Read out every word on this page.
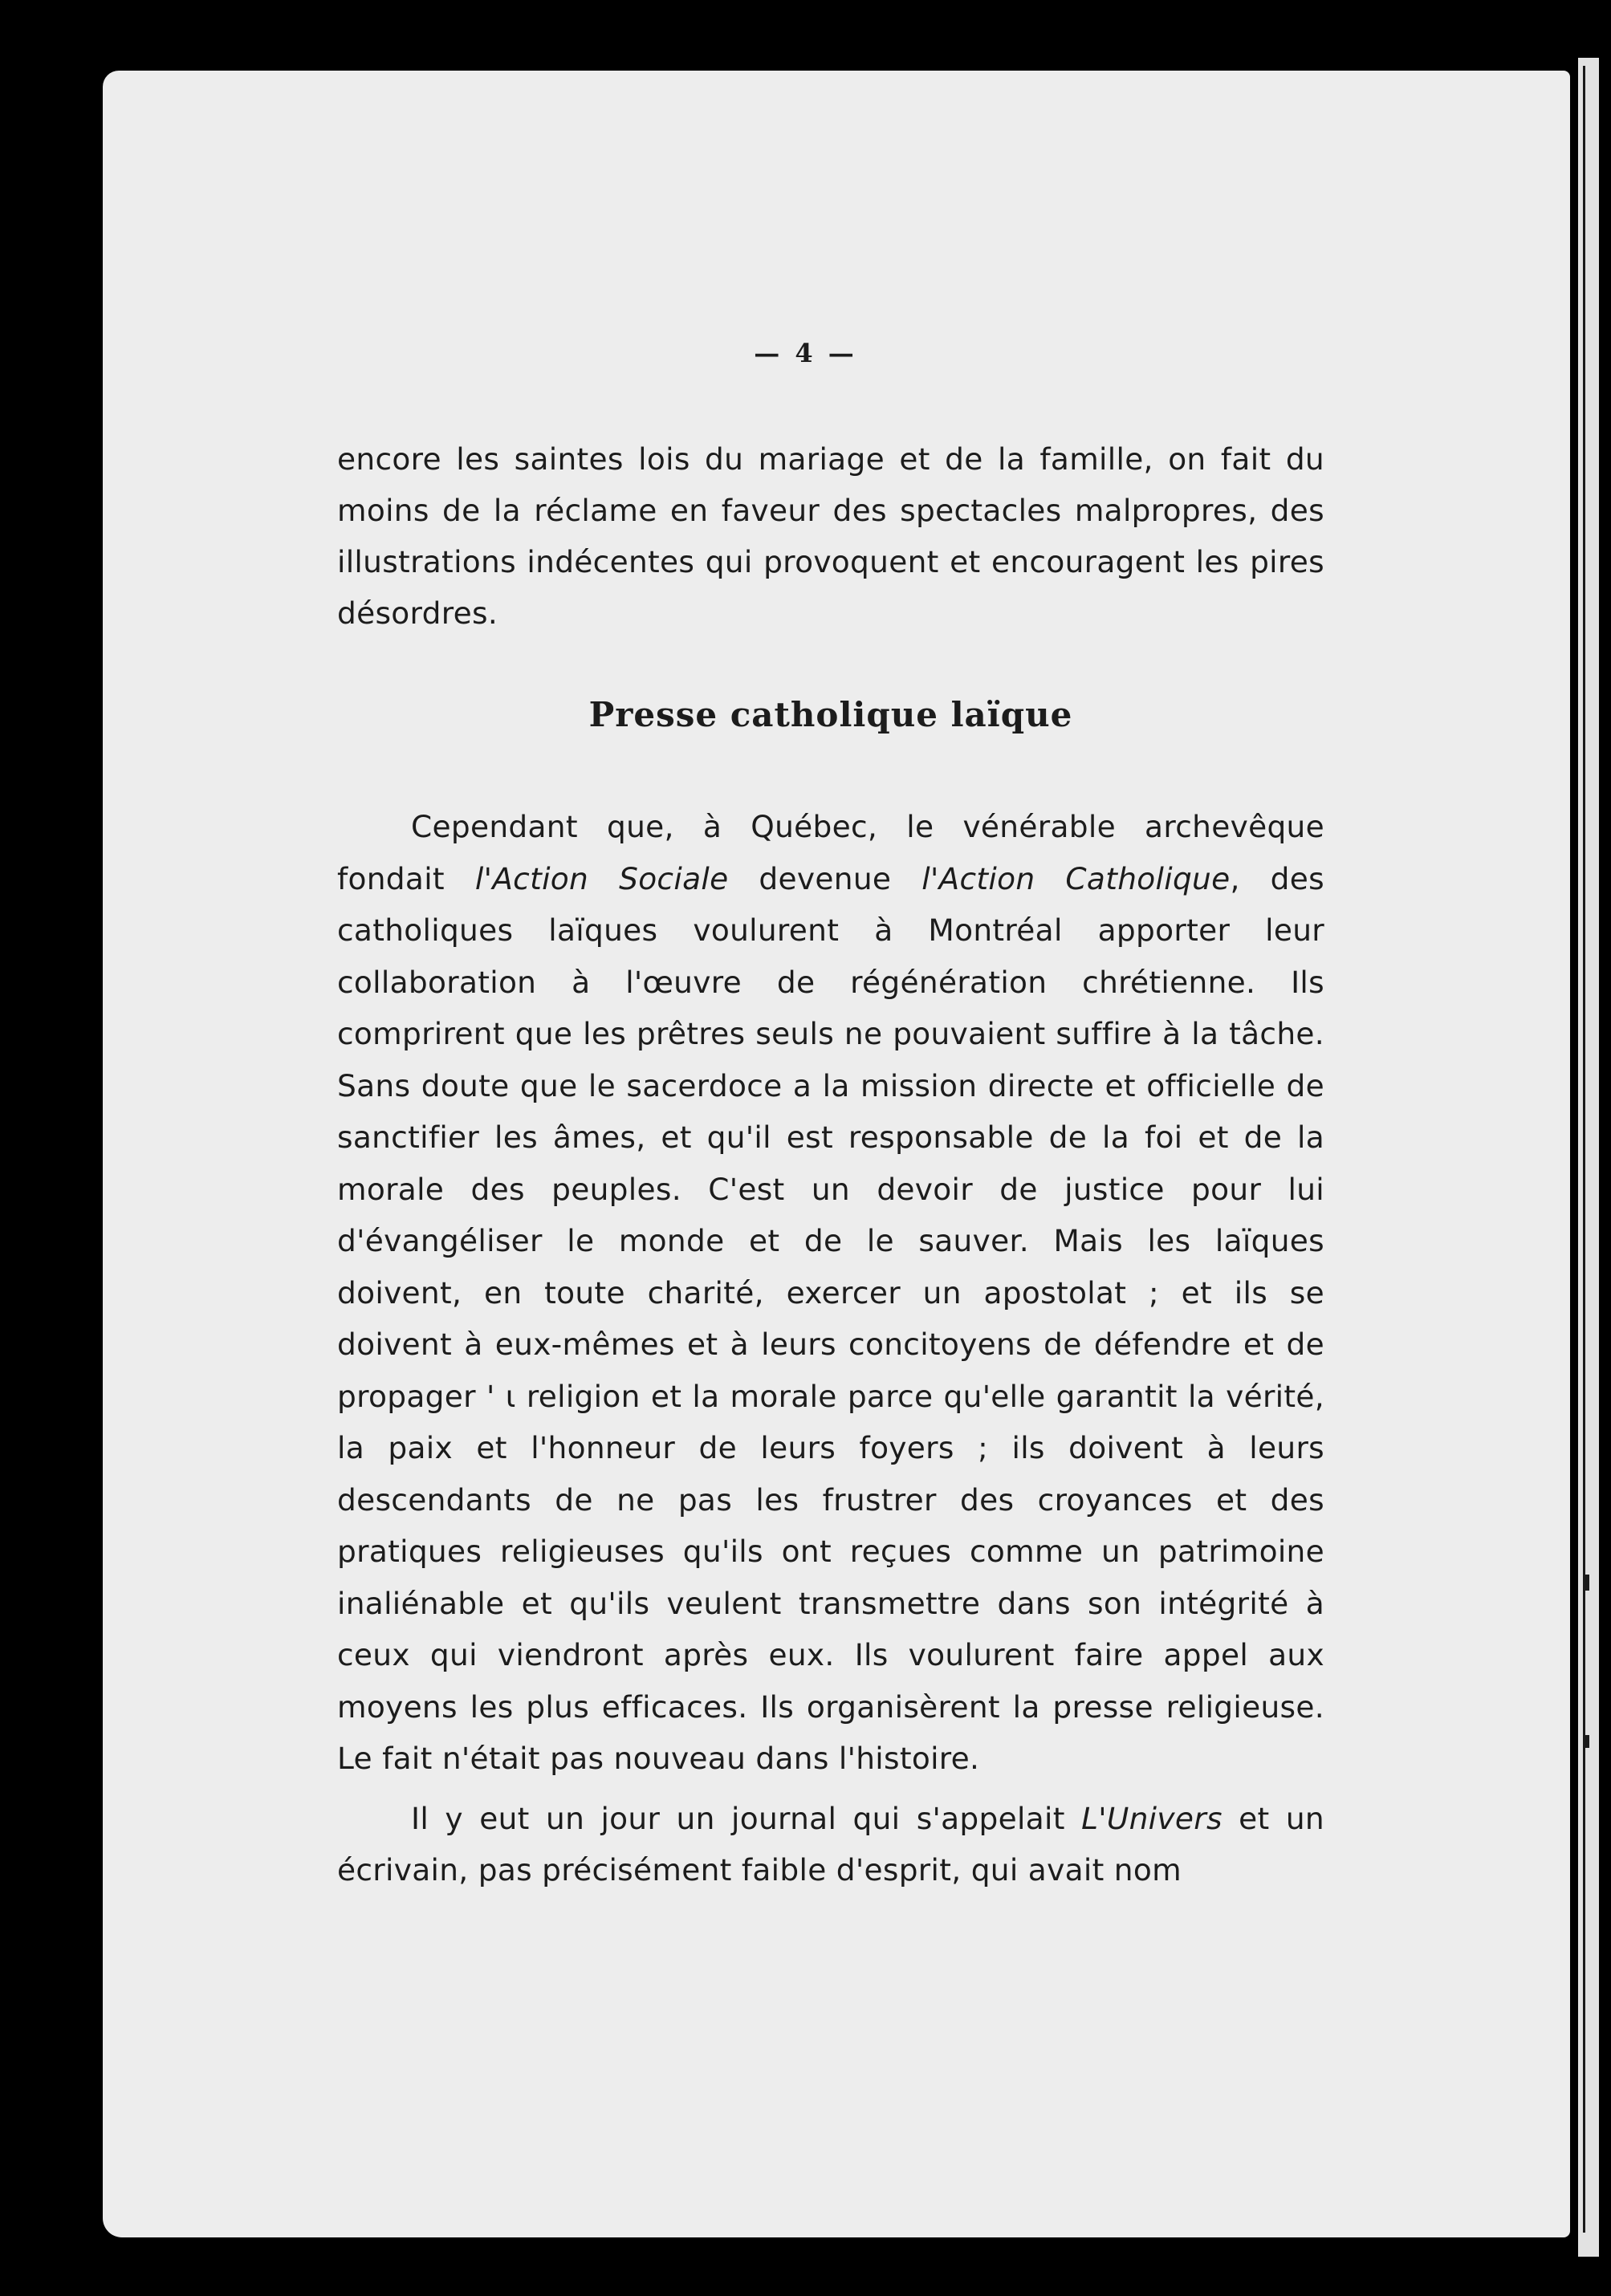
— 4 —

encore les saintes lois du mariage et de la famille, on fait du moins de la réclame en faveur des spectacles malpropres, des illustrations indécentes qui provoquent et encouragent les pires désordres.

Presse catholique laïque

Cependant que, à Québec, le vénérable archevêque fondait l'Action Sociale devenue l'Action Catholique, des catholiques laïques voulurent à Montréal apporter leur collaboration à l'œuvre de régénération chrétienne. Ils comprirent que les prêtres seuls ne pouvaient suffire à la tâche. Sans doute que le sacerdoce a la mission directe et officielle de sanctifier les âmes, et qu'il est responsable de la foi et de la morale des peuples. C'est un devoir de justice pour lui d'évangéliser le monde et de le sauver. Mais les laïques doivent, en toute charité, exercer un apostolat ; et ils se doivent à eux-mêmes et à leurs concitoyens de défendre et de propager ' ι religion et la morale parce qu'elle garantit la vérité, la paix et l'honneur de leurs foyers ; ils doivent à leurs descendants de ne pas les frustrer des croyances et des pratiques religieuses qu'ils ont reçues comme un patrimoine inaliénable et qu'ils veulent transmettre dans son intégrité à ceux qui viendront après eux. Ils voulurent faire appel aux moyens les plus efficaces. Ils organisèrent la presse religieuse. Le fait n'était pas nouveau dans l'histoire.

Il y eut un jour un journal qui s'appelait L'Univers et un écrivain, pas précisément faible d'esprit, qui avait nom
